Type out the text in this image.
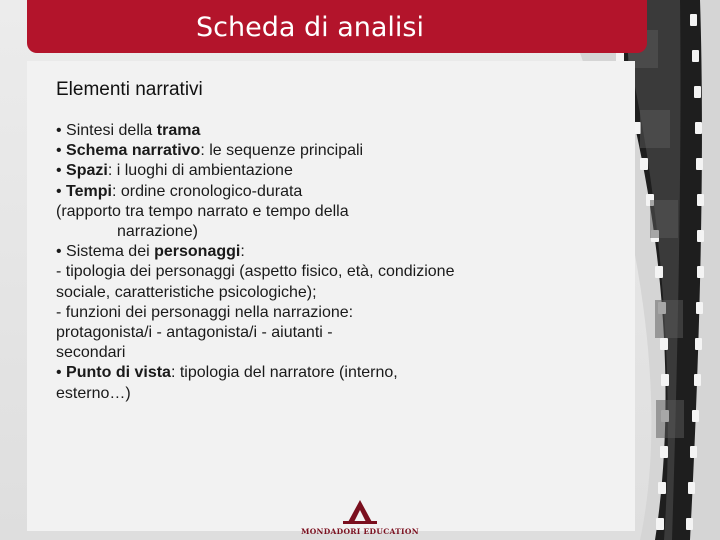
Scheda di analisi
Elementi narrativi
• Sintesi della trama
• Schema narrativo: le sequenze principali
• Spazi: i luoghi di ambientazione
• Tempi: ordine cronologico-durata
(rapporto tra tempo narrato e tempo della
narrazione)
• Sistema dei personaggi:
- tipologia dei personaggi (aspetto fisico, età, condizione
sociale, caratteristiche psicologiche);
- funzioni dei personaggi nella narrazione:
protagonista/i - antagonista/i - aiutanti -
secondari
• Punto di vista: tipologia del narratore (interno,
esterno…)
MONDADORI EDUCATION
